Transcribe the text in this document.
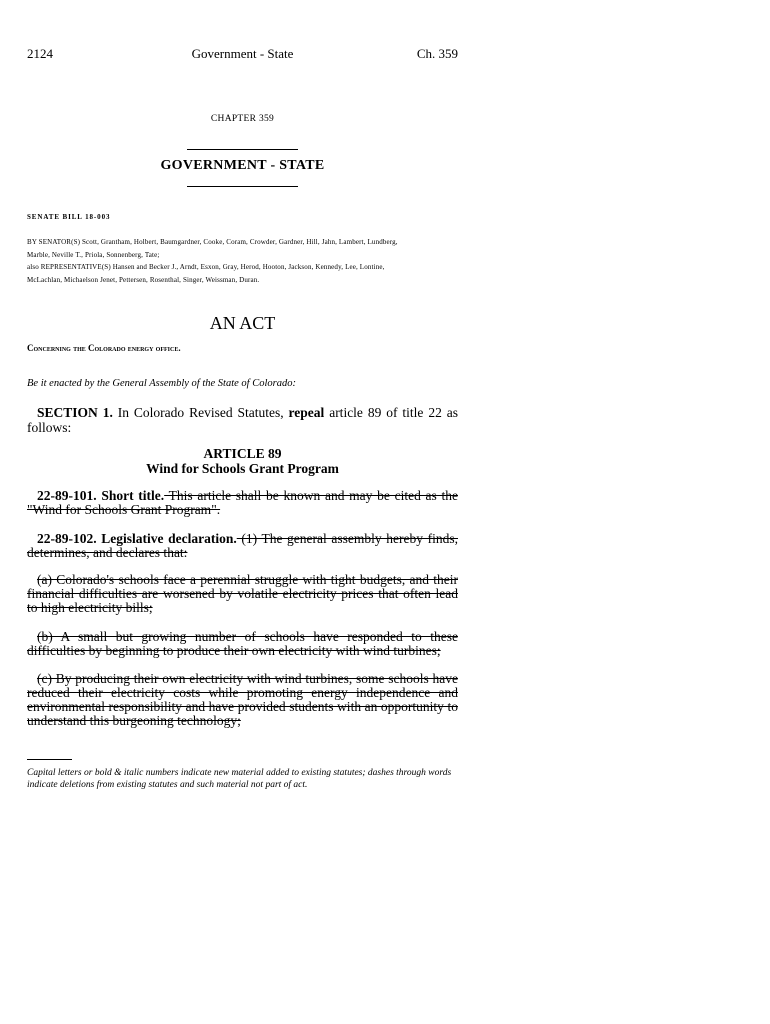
2124	Government - State	Ch. 359
CHAPTER 359
GOVERNMENT - STATE
SENATE BILL 18-003
BY SENATOR(S) Scott, Grantham, Holbert, Baumgardner, Cooke, Coram, Crowder, Gardner, Hill, Jahn, Lambert, Lundberg,
Marble, Neville T., Priola, Sonnenberg, Tate;
also REPRESENTATIVE(S) Hansen and Becker J., Arndt, Esxon, Gray, Herod, Hooton, Jackson, Kennedy, Lee, Lontine,
McLachlan, Michaelson Jenet, Pettersen, Rosenthal, Singer, Weissman, Duran.
AN ACT
Concerning the Colorado energy office.
Be it enacted by the General Assembly of the State of Colorado:
SECTION 1. In Colorado Revised Statutes, repeal article 89 of title 22 as follows:
ARTICLE 89
Wind for Schools Grant Program
22-89-101. Short title. This article shall be known and may be cited as the "Wind for Schools Grant Program".
22-89-102. Legislative declaration. (1) The general assembly hereby finds, determines, and declares that:
(a) Colorado's schools face a perennial struggle with tight budgets, and their financial difficulties are worsened by volatile electricity prices that often lead to high electricity bills;
(b) A small but growing number of schools have responded to these difficulties by beginning to produce their own electricity with wind turbines;
(c) By producing their own electricity with wind turbines, some schools have reduced their electricity costs while promoting energy independence and environmental responsibility and have provided students with an opportunity to understand this burgeoning technology;
Capital letters or bold & italic numbers indicate new material added to existing statutes; dashes through words indicate deletions from existing statutes and such material not part of act.
